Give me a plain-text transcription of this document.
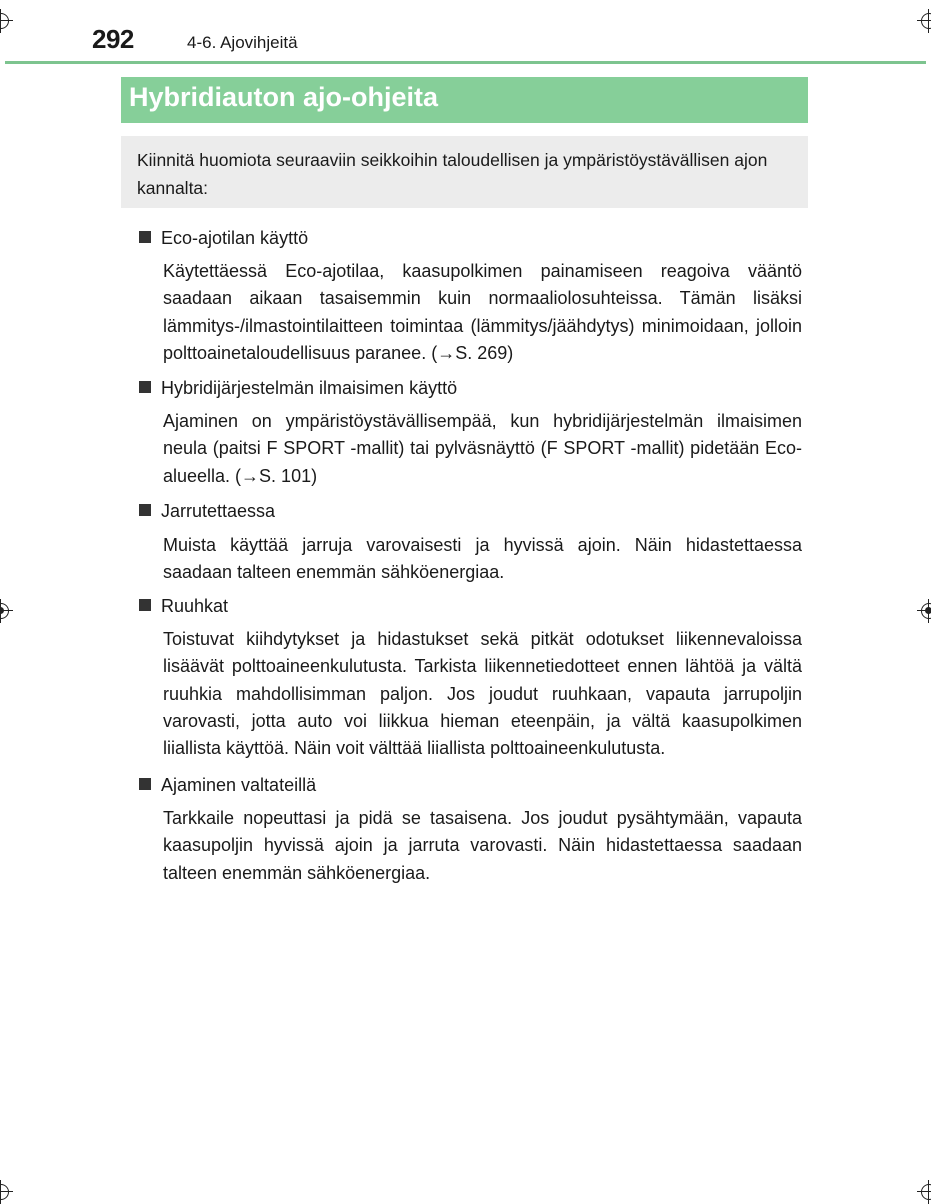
292	4-6. Ajovihjeitä
Hybridiauton ajo-ohjeita
Kiinnitä huomiota seuraaviin seikkoihin taloudellisen ja ympäristöystävällisen ajon kannalta:
Eco-ajotilan käyttö
Käytettäessä Eco-ajotilaa, kaasupolkimen painamiseen reagoiva vääntö saadaan aikaan tasaisemmin kuin normaaliolosuhteissa. Tämän lisäksi lämmitys-/ilmastointilaitteen toimintaa (lämmitys/jäähdytys) minimoidaan, jolloin polttoainetaloudellisuus paranee. (→S. 269)
Hybridijärjestelmän ilmaisimen käyttö
Ajaminen on ympäristöystävällisempää, kun hybridijärjestelmän ilmaisimen neula (paitsi F SPORT -mallit) tai pylväsnäyttö (F SPORT -mallit) pidetään Eco-alueella. (→S. 101)
Jarrutettaessa
Muista käyttää jarruja varovaisesti ja hyvissä ajoin. Näin hidastettaessa saadaan talteen enemmän sähköenergiaa.
Ruuhkat
Toistuvat kiihdytykset ja hidastukset sekä pitkät odotukset liikennevaloissa lisäävät polttoaineenkulutusta. Tarkista liikennetiedotteet ennen lähtöä ja vältä ruuhkia mahdollisimman paljon. Jos joudut ruuhkaan, vapauta jarrupoljin varovasti, jotta auto voi liikkua hieman eteenpäin, ja vältä kaasupolkimen liiallista käyttöä. Näin voit välttää liiallista polttoaineenkulutusta.
Ajaminen valtateillä
Tarkkaile nopeuttasi ja pidä se tasaisena. Jos joudut pysähtymään, vapauta kaasupoljin hyvissä ajoin ja jarruta varovasti. Näin hidastettaessa saadaan talteen enemmän sähköenergiaa.
